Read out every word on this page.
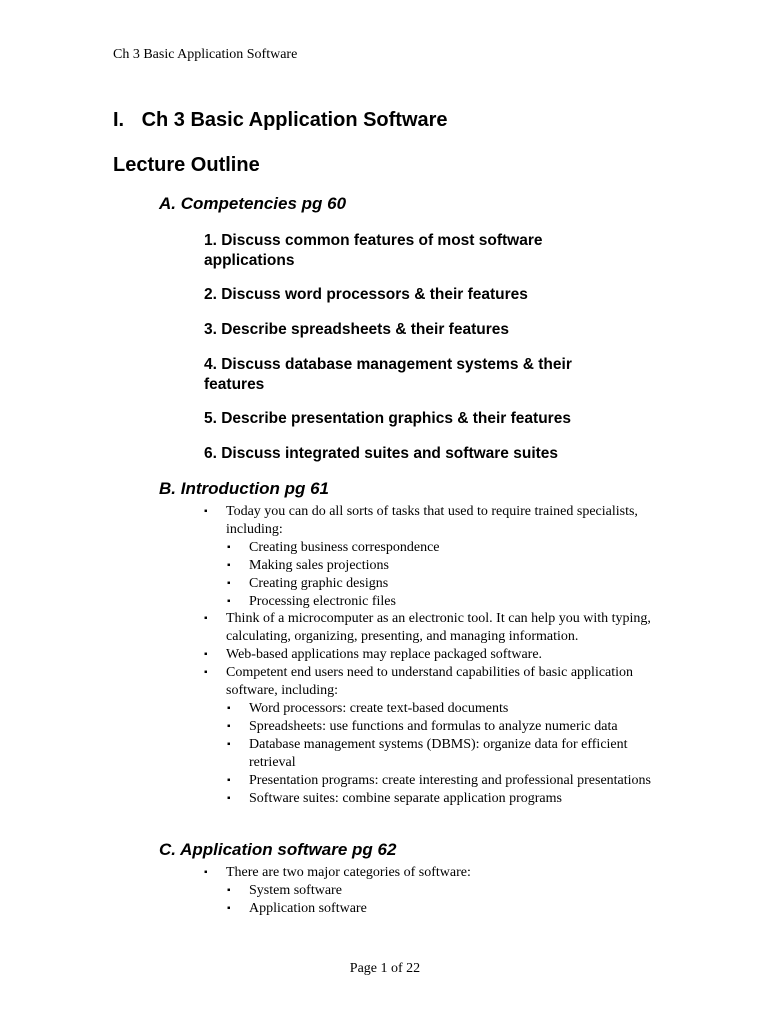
Ch 3 Basic Application Software
I. Ch 3 Basic Application Software
Lecture Outline
A. Competencies pg 60
1. Discuss common features of most software applications
2. Discuss word processors & their features
3. Describe spreadsheets & their features
4. Discuss database management systems & their features
5. Describe presentation graphics & their features
6. Discuss integrated suites and software suites
B. Introduction pg 61
▪ Today you can do all sorts of tasks that used to require trained specialists, including:
▪ Creating business correspondence
▪ Making sales projections
▪ Creating graphic designs
▪ Processing electronic files
▪ Think of a microcomputer as an electronic tool. It can help you with typing, calculating, organizing, presenting, and managing information.
▪ Web-based applications may replace packaged software.
▪ Competent end users need to understand capabilities of basic application software, including:
▪ Word processors: create text-based documents
▪ Spreadsheets: use functions and formulas to analyze numeric data
▪ Database management systems (DBMS): organize data for efficient retrieval
▪ Presentation programs: create interesting and professional presentations
▪ Software suites: combine separate application programs
C. Application software pg 62
▪ There are two major categories of software:
▪ System software
▪ Application software
Page 1 of 22
